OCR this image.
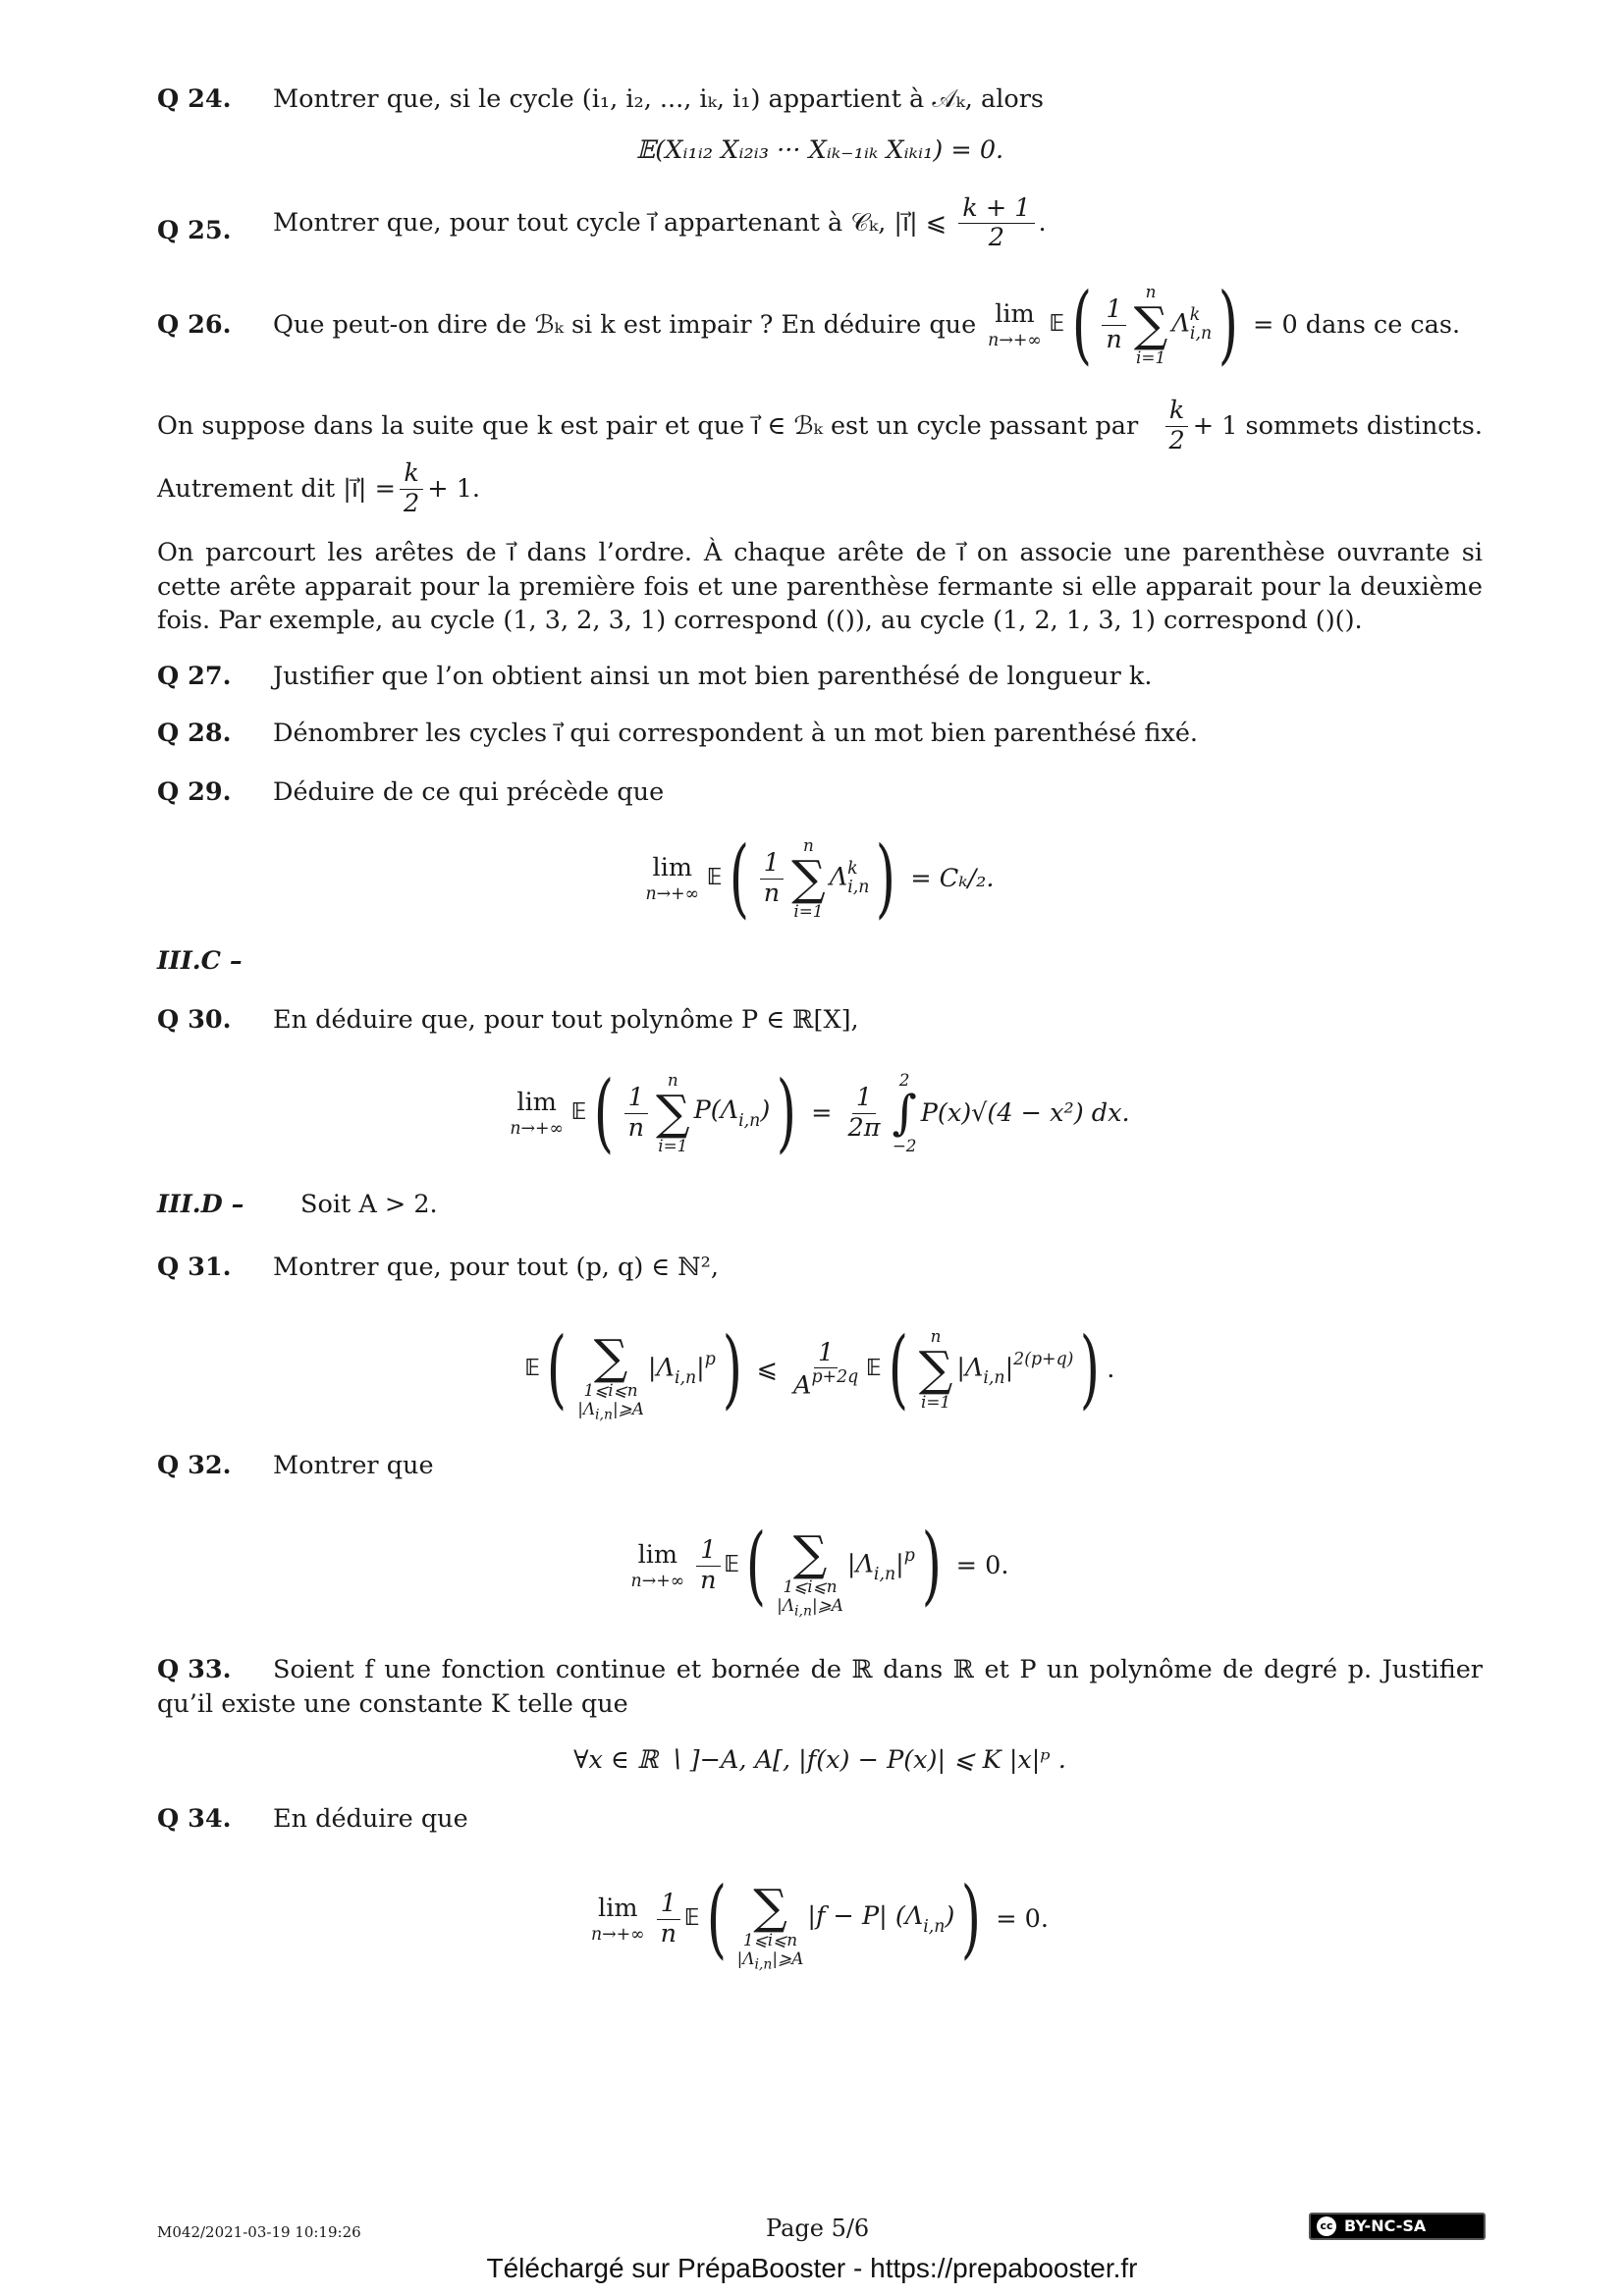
Q 24. Montrer que, si le cycle (i₁, i₂, ..., iₖ, i₁) appartient à 𝒜ₖ, alors
𝔼(Xᵢ₁ᵢ₂ Xᵢ₂ᵢ₃ ··· Xᵢₖ₋₁ᵢₖ Xᵢₖᵢ₁) = 0.
Q 25. Montrer que, pour tout cycle ı⃗ appartenant à 𝒞ₖ, |ı⃗| ⩽ $\frac{k + 1}{2}$ .
Q 26. Que peut-on dire de ℬₖ si k est impair ? En déduire que lim
n→+∞
𝔼 ( $\frac{1}{n}$
n
∑
i=1
$\Lambda^k_{i,n}$ ) = 0 dans ce cas.
On suppose dans la suite que k est pair et que ı⃗ ∈ ℬₖ est un cycle passant par $\frac{k}{2} + 1$ sommets distincts.
Autrement dit |ı⃗| = $\frac{k}{2} + 1$.
On parcourt les arêtes de ı⃗ dans l’ordre. À chaque arête de ı⃗ on associe une parenthèse ouvrante si cette arête apparait pour la première fois et une parenthèse fermante si elle apparait pour la deuxième fois. Par exemple, au cycle (1, 3, 2, 3, 1) correspond (()), au cycle (1, 2, 1, 3, 1) correspond ()().
Q 27. Justifier que l’on obtient ainsi un mot bien parenthésé de longueur k.
Q 28. Dénombrer les cycles ı⃗ qui correspondent à un mot bien parenthésé fixé.
Q 29. Déduire de ce qui précède que
lim
n→+∞
𝔼 ( $\frac{1}{n}$
n
∑
i=1
$\Lambda^k_{i,n}$ ) = Cₖ/₂.
III.C –
Q 30. En déduire que, pour tout polynôme P ∈ ℝ[X],
lim
n→+∞
𝔼 ( $\frac{1}{n}$
n
∑
i=1
$P(\Lambda_{i,n})$ ) = $\frac{1}{2\pi}$
2
∫
−2
P(x)√(4 − x²) dx.
III.D – Soit A > 2.
Q 31. Montrer que, pour tout (p, q) ∈ ℕ²,
𝔼 (
∑
1⩽i⩽n
$|\Lambda_{i,n}|⩾A$
$|\Lambda_{i,n}|^p$ ) ⩽ $\frac{1}{A^{p+2q}}$ 𝔼 ( n
∑
i=1
$|\Lambda_{i,n}|^{2(p+q)}$ ) .
Q 32. Montrer que
lim
$n\to+\infty \frac{1}{n}$ 𝔼 (
∑
1⩽i⩽n
$|\Lambda_{i,n}|⩾A$
$|\Lambda_{i,n}|^p$ ) = 0.
Q 33.	Soient f une fonction continue et bornée de ℝ dans ℝ et P un polynôme de degré p. Justifier qu’il existe une constante K telle que
∀x ∈ ℝ ∖ ]−A, A[, |f(x) − P(x)| ⩽ K |x|ᵖ .
Q 34. En déduire que
lim
$n\to+\infty \frac{1}{n}$ 𝔼 (
∑
1⩽i⩽n
$|\Lambda_{i,n}|⩾A$
|f − P| $(\Lambda_{i,n})$ ) = 0.
M042/2021-03-19 10:19:26	Page 5/6	cc BY-NC-SA
Téléchargé sur PrépaBooster - https://prepabooster.fr
